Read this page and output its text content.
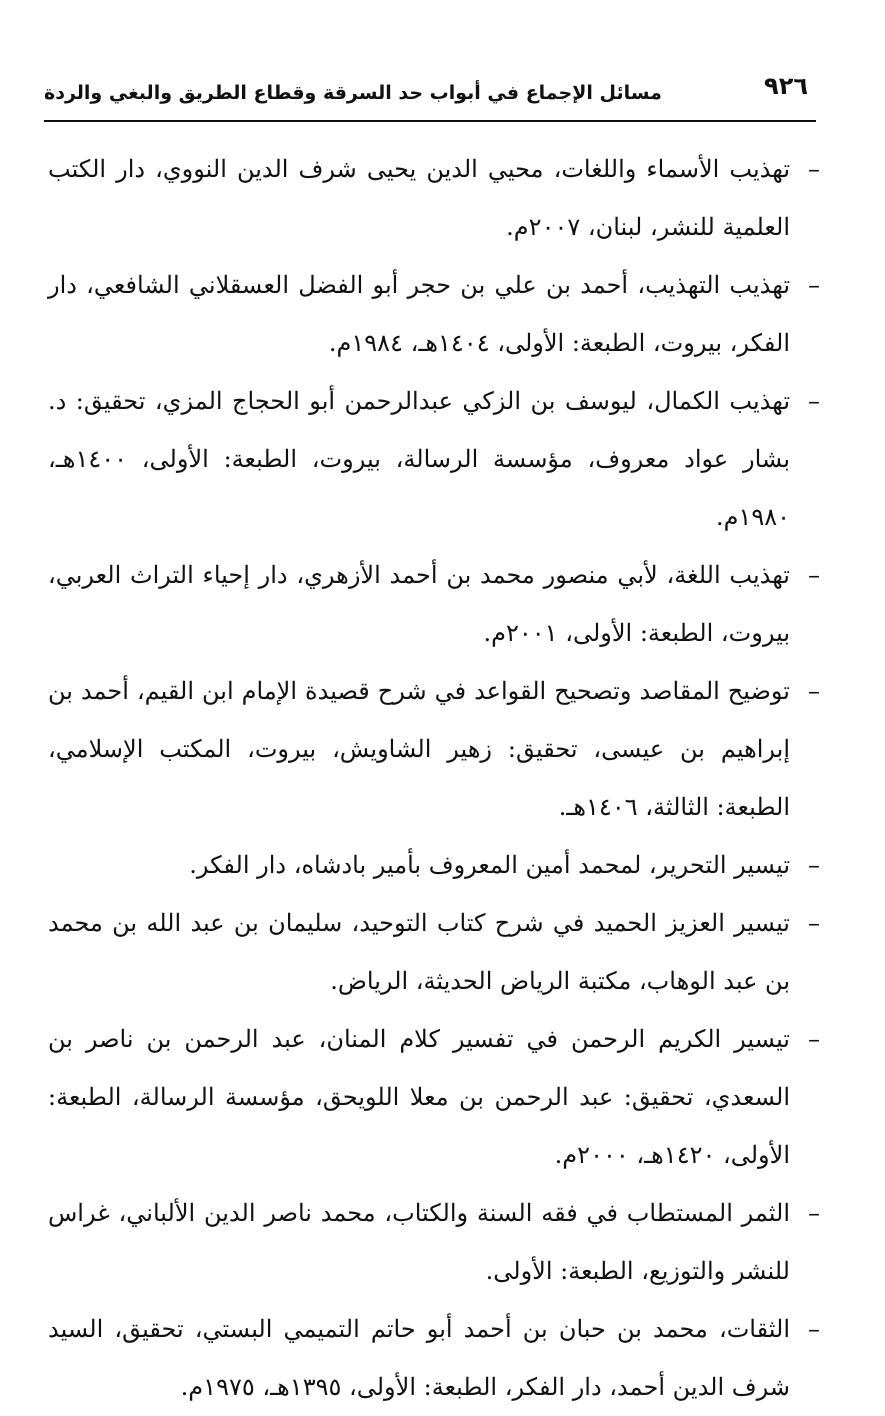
٩٢٦
مسائل الإجماع في أبواب حد السرقة وقطاع الطريق والبغي والردة

–
تهذيب الأسماء واللغات، محيي الدين يحيى شرف الدين النووي، دار الكتب العلمية للنشر، لبنان، ٢٠٠٧م.

–
تهذيب التهذيب، أحمد بن علي بن حجر أبو الفضل العسقلاني الشافعي، دار الفكر، بيروت، الطبعة: الأولى، ١٤٠٤هـ، ١٩٨٤م.

–
تهذيب الكمال، ليوسف بن الزكي عبدالرحمن أبو الحجاج المزي، تحقيق: د. بشار عواد معروف، مؤسسة الرسالة، بيروت، الطبعة: الأولى، ١٤٠٠هـ، ١٩٨٠م.

–
تهذيب اللغة، لأبي منصور محمد بن أحمد الأزهري، دار إحياء التراث العربي، بيروت، الطبعة: الأولى، ٢٠٠١م.

–
توضيح المقاصد وتصحيح القواعد في شرح قصيدة الإمام ابن القيم، أحمد بن إبراهيم بن عيسى، تحقيق: زهير الشاويش، بيروت، المكتب الإسلامي، الطبعة: الثالثة، ١٤٠٦هـ.

–
تيسير التحرير، لمحمد أمين المعروف بأمير بادشاه، دار الفكر.

–
تيسير العزيز الحميد في شرح كتاب التوحيد، سليمان بن عبد الله بن محمد بن عبد الوهاب، مكتبة الرياض الحديثة، الرياض.

–
تيسير الكريم الرحمن في تفسير كلام المنان، عبد الرحمن بن ناصر بن السعدي، تحقيق: عبد الرحمن بن معلا اللويحق، مؤسسة الرسالة، الطبعة: الأولى، ١٤٢٠هـ، ٢٠٠٠م.

–
الثمر المستطاب في فقه السنة والكتاب، محمد ناصر الدين الألباني، غراس للنشر والتوزيع، الطبعة: الأولى.

–
الثقات، محمد بن حبان بن أحمد أبو حاتم التميمي البستي، تحقيق، السيد شرف الدين أحمد، دار الفكر، الطبعة: الأولى، ١٣٩٥هـ، ١٩٧٥م.
